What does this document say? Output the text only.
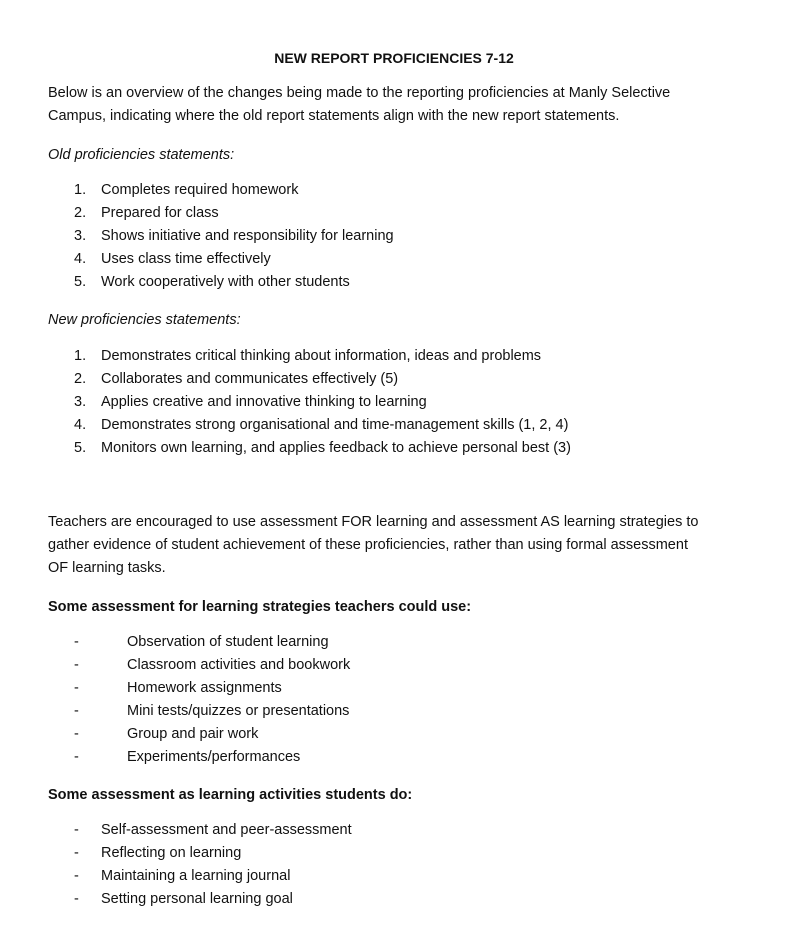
NEW REPORT PROFICIENCIES 7-12

Below is an overview of the changes being made to the reporting proficiencies at Manly Selective

Campus, indicating where the old report statements align with the new report statements.

Old proficiencies statements:
1. Completes required homework
2. Prepared for class
3. Shows initiative and responsibility for learning
4. Uses class time effectively
5. Work cooperatively with other students
New proficiencies statements:
1. Demonstrates critical thinking about information, ideas and problems
2. Collaborates and communicates effectively (5)
3. Applies creative and innovative thinking to learning
4. Demonstrates strong organisational and time-management skills (1, 2, 4)
5. Monitors own learning, and applies feedback to achieve personal best (3)
Teachers are encouraged to use assessment FOR learning and assessment AS learning strategies to
gather evidence of student achievement of these proficiencies, rather than using formal assessment
OF learning tasks.
Some assessment for learning strategies teachers could use:
-	Observation of student learning
-	Classroom activities and bookwork
-	Homework assignments
-	Mini tests/quizzes or presentations
-	Group and pair work
-	Experiments/performances
Some assessment as learning activities students do:
- Self-assessment and peer-assessment
- Reflecting on learning
- Maintaining a learning journal
- Setting personal learning goal
